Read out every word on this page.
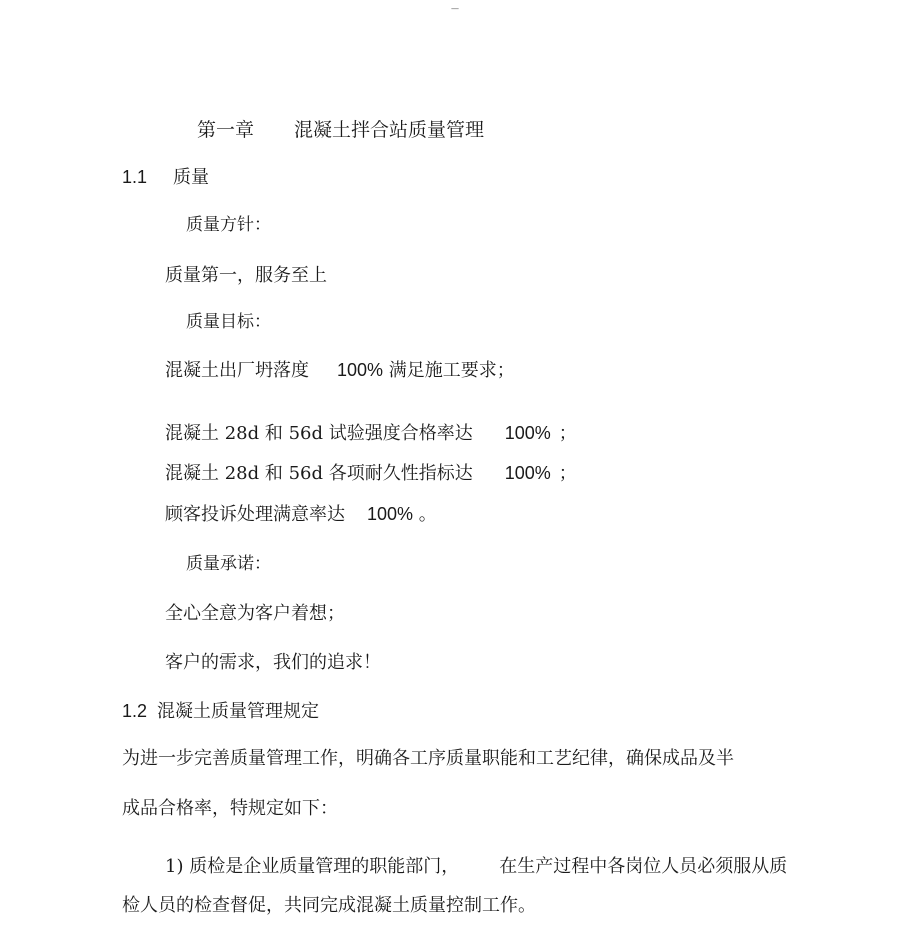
—
第一章 混凝土拌合站质量管理
1.1 质量
质量方针：
质量第一，服务至上
质量目标：
混凝土出厂坍落度 100% 满足施工要求；
混凝土 28d 和 56d 试验强度合格率达 100% ；
混凝土 28d 和 56d 各项耐久性指标达 100% ；
顾客投诉处理满意率达 100% 。
质量承诺：
全心全意为客户着想；
客户的需求，我们的追求！
1.2 混凝土质量管理规定
为进一步完善质量管理工作，明确各工序质量职能和工艺纪律，确保成品及半
成品合格率，特规定如下：
1) 质检是企业质量管理的职能部门， 在生产过程中各岗位人员必须服从质
检人员的检查督促，共同完成混凝土质量控制工作。
